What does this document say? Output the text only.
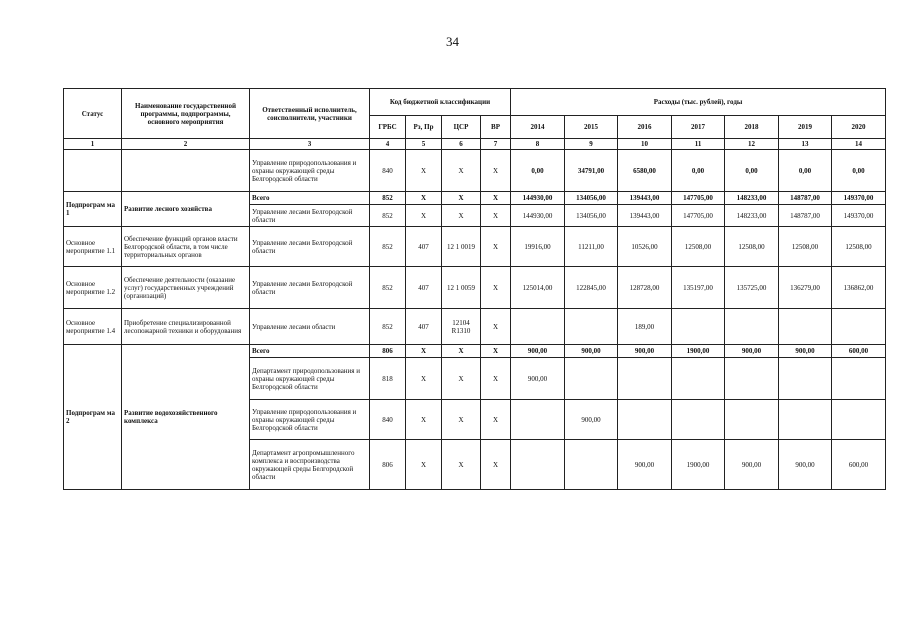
34
Статус	Наименование государственной программы, подпрограммы, основного мероприятия	Ответственный исполнитель, соисполнители, участники	Код бюджетной классификации				Расходы (тыс. рублей), годы						
			ГРБС	Рз, Пр	ЦСР	ВР	2014	2015	2016	2017	2018	2019	2020
1	2	3	4	5	6	7	8	9	10	11	12	13	14
		Управление природопользования и охраны окружающей среды Белгородской области	840	Х	Х	Х	0,00	34791,00	6580,00	0,00	0,00	0,00	0,00
Подпрограм ма 1	Развитие лесного хозяйства	Всего	852	Х	Х	Х	144930,00	134056,00	139443,00	147705,00	148233,00	148787,00	149370,00
		Управление лесами Белгородской области	852	Х	Х	Х	144930,00	134056,00	139443,00	147705,00	148233,00	148787,00	149370,00
Основное мероприятие 1.1	Обеспечение функций органов власти Белгородской области, в том числе территориальных органов	Управление лесами Белгородской области	852	407	12 1 0019	Х	19916,00	11211,00	10526,00	12508,00	12508,00	12508,00	12508,00
Основное мероприятие 1.2	Обеспечение деятельности (оказание услуг) государственных учреждений (организаций)	Управление лесами Белгородской области	852	407	12 1 0059	Х	125014,00	122845,00	128728,00	135197,00	135725,00	136279,00	136862,00
Основное мероприятие 1.4	Приобретение специализированной лесопожарной техники и оборудования	Управление лесами области	852	407	12104 R1310	Х			189,00				
Подпрограм ма 2	Развитие водохозяйственного комплекса	Всего	806	Х	Х	Х	900,00	900,00	900,00	1900,00	900,00	900,00	600,00
		Департамент природопользования и охраны окружающей среды Белгородской области	818	Х	Х	Х	900,00						
		Управление природопользования и охраны окружающей среды Белгородской области	840	Х	Х	Х		900,00					
		Департамент агропромышленного комплекса и воспроизводства окружающей среды Белгородской области	806	Х	Х	Х			900,00	1900,00	900,00	900,00	600,00
